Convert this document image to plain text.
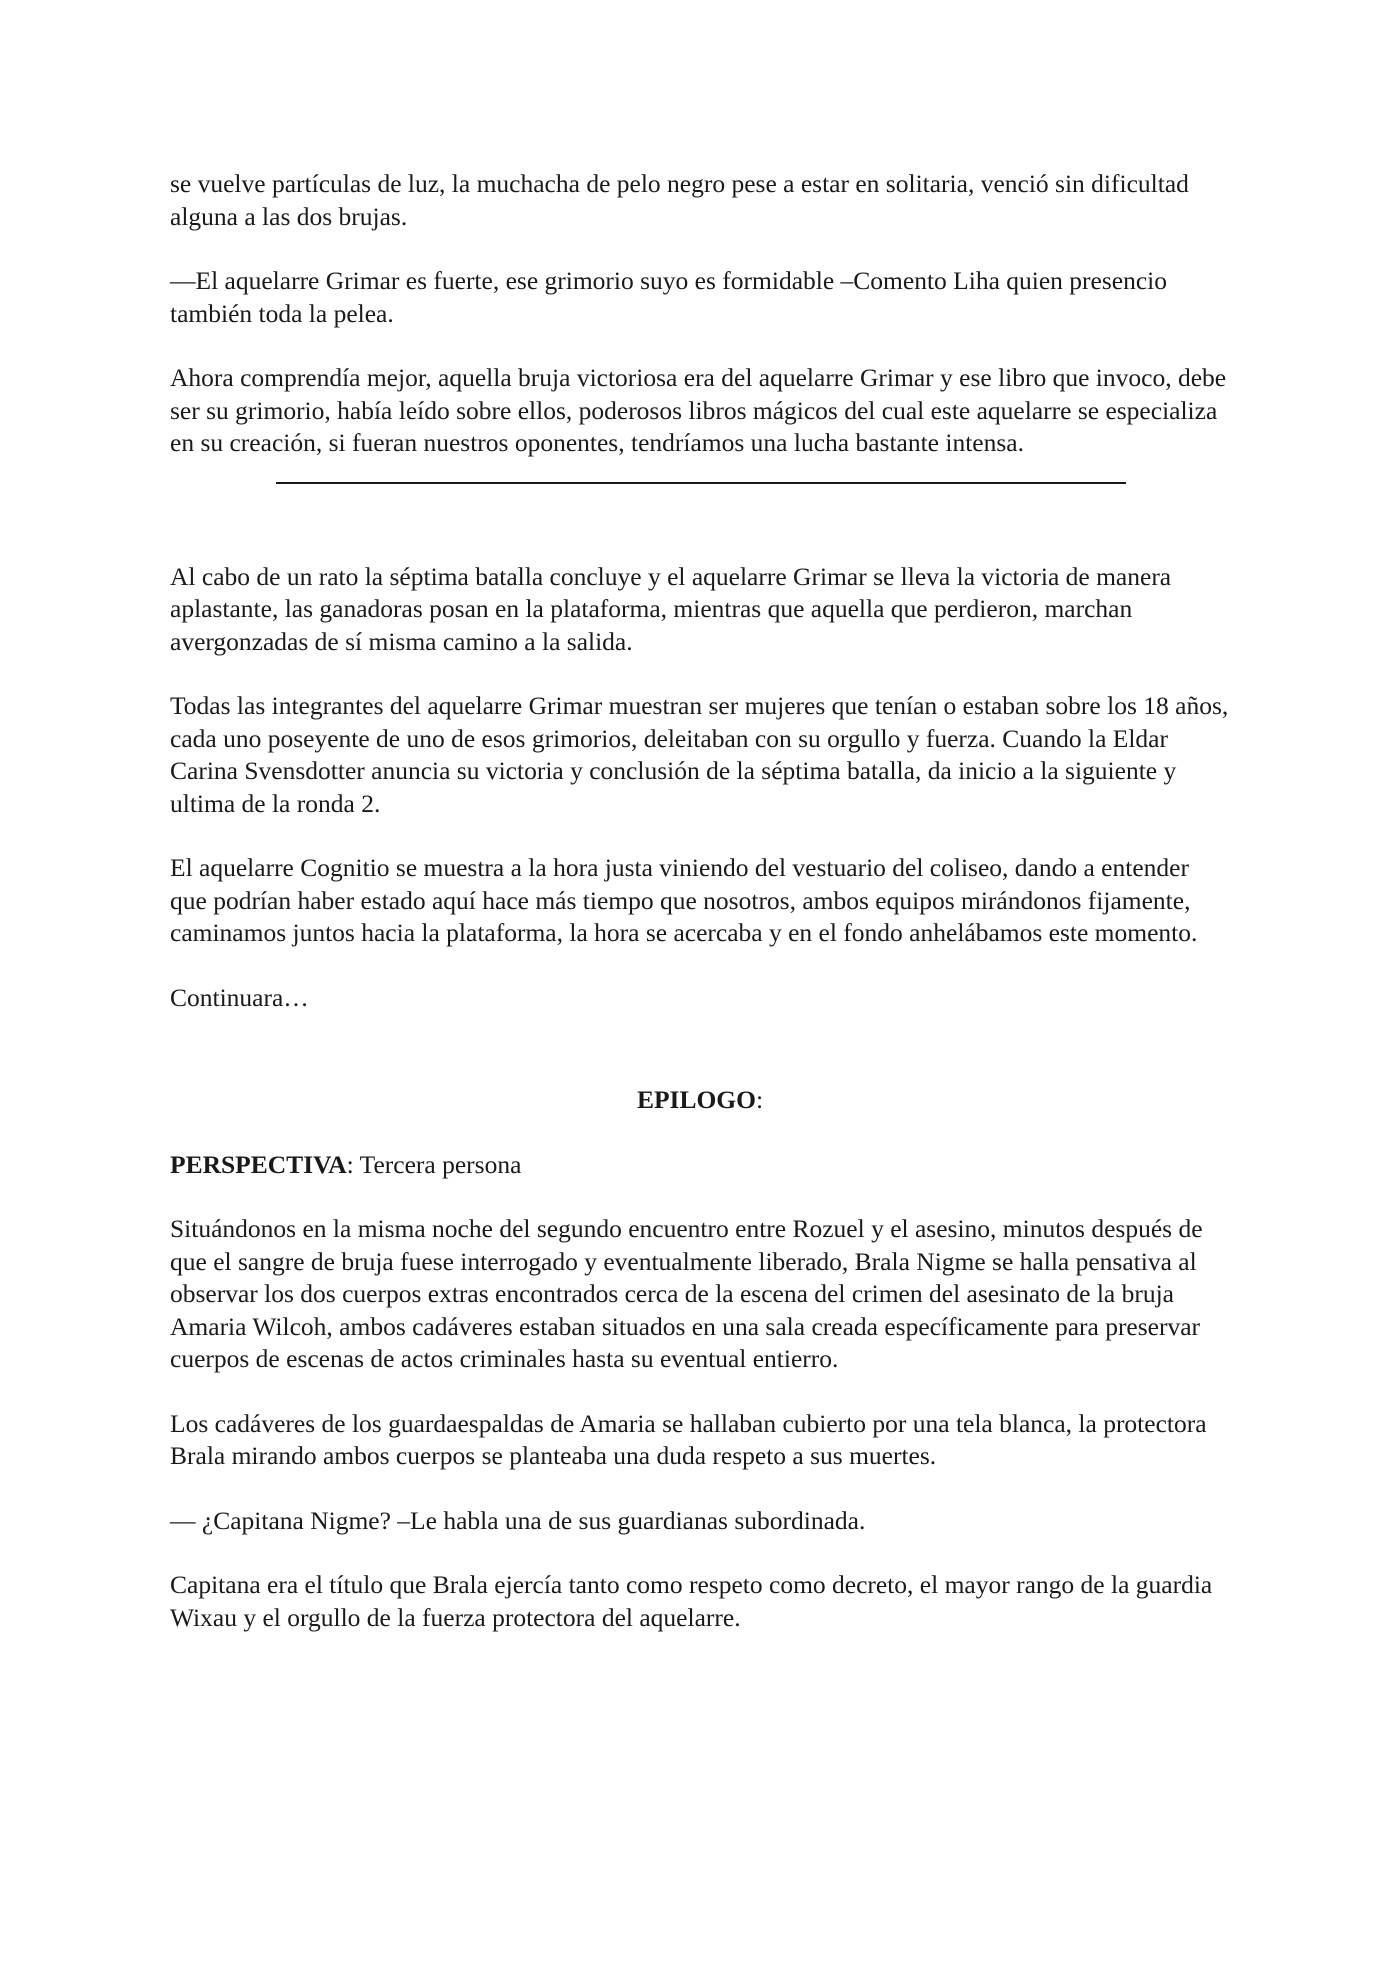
se vuelve partículas de luz, la muchacha de pelo negro pese a estar en solitaria, venció sin dificultad alguna a las dos brujas.

—El aquelarre Grimar es fuerte, ese grimorio suyo es formidable –Comento Liha quien presencio también toda la pelea.

Ahora comprendía mejor, aquella bruja victoriosa era del aquelarre Grimar y ese libro que invoco, debe ser su grimorio, había leído sobre ellos, poderosos libros mágicos del cual este aquelarre se especializa en su creación, si fueran nuestros oponentes, tendríamos una lucha bastante intensa.

Al cabo de un rato la séptima batalla concluye y el aquelarre Grimar se lleva la victoria de manera aplastante, las ganadoras posan en la plataforma, mientras que aquella que perdieron, marchan avergonzadas de sí misma camino a la salida.

Todas las integrantes del aquelarre Grimar muestran ser mujeres que tenían o estaban sobre los 18 años, cada uno poseyente de uno de esos grimorios, deleitaban con su orgullo y fuerza. Cuando la Eldar Carina Svensdotter anuncia su victoria y conclusión de la séptima batalla, da inicio a la siguiente y ultima de la ronda 2.

El aquelarre Cognitio se muestra a la hora justa viniendo del vestuario del coliseo, dando a entender que podrían haber estado aquí hace más tiempo que nosotros, ambos equipos mirándonos fijamente, caminamos juntos hacia la plataforma, la hora se acercaba y en el fondo anhelábamos este momento.

Continuara…

EPILOGO:

PERSPECTIVA: Tercera persona

Situándonos en la misma noche del segundo encuentro entre Rozuel y el asesino, minutos después de que el sangre de bruja fuese interrogado y eventualmente liberado, Brala Nigme se halla pensativa al observar los dos cuerpos extras encontrados cerca de la escena del crimen del asesinato de la bruja Amaria Wilcoh, ambos cadáveres estaban situados en una sala creada específicamente para preservar cuerpos de escenas de actos criminales hasta su eventual entierro.

Los cadáveres de los guardaespaldas de Amaria se hallaban cubierto por una tela blanca, la protectora Brala mirando ambos cuerpos se planteaba una duda respeto a sus muertes.

— ¿Capitana Nigme? –Le habla una de sus guardianas subordinada.

Capitana era el título que Brala ejercía tanto como respeto como decreto, el mayor rango de la guardia Wixau y el orgullo de la fuerza protectora del aquelarre.
